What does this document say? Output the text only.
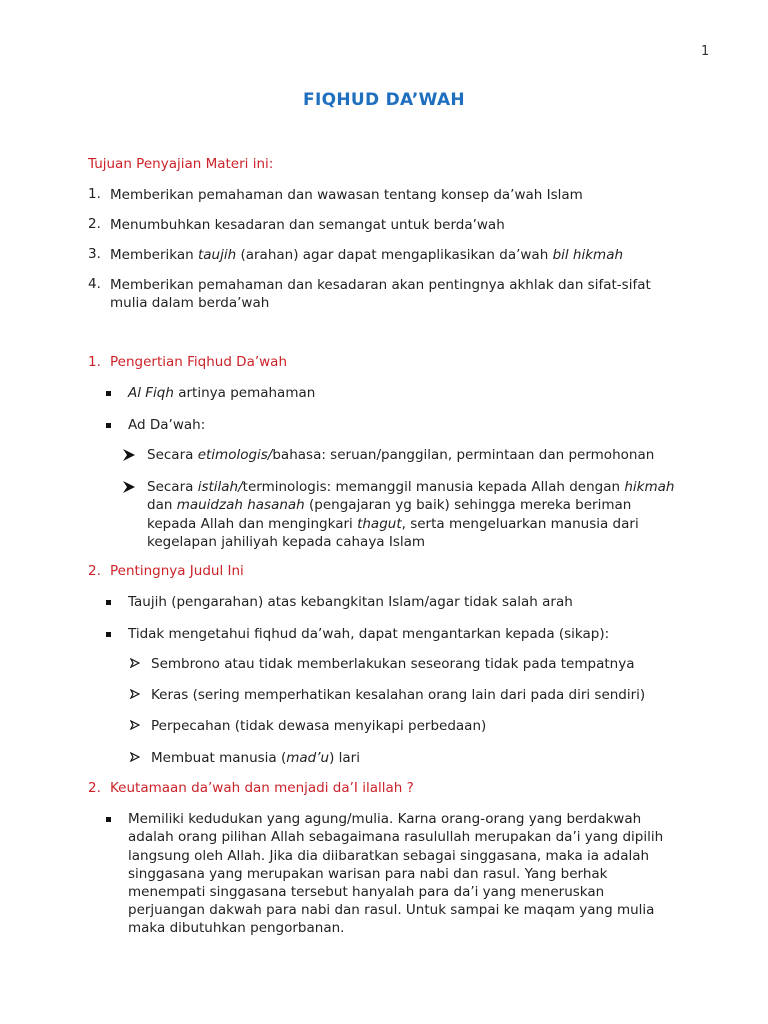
1
FIQHUD DA’WAH
Tujuan Penyajian Materi ini:
1. Memberikan pemahaman dan wawasan tentang konsep da’wah Islam
2. Menumbuhkan kesadaran dan semangat untuk berda’wah
3. Memberikan taujih (arahan) agar dapat mengaplikasikan da’wah bil hikmah
4. Memberikan pemahaman dan kesadaran akan pentingnya akhlak dan sifat-sifat
mulia dalam berda’wah
1. Pengertian Fiqhud Da’wah
Al Fiqh artinya pemahaman
Ad Da’wah:
Secara etimologis/bahasa: seruan/panggilan, permintaan dan permohonan
Secara istilah/terminologis: memanggil manusia kepada Allah dengan hikmah
dan mauidzah hasanah (pengajaran yg baik) sehingga mereka beriman
kepada Allah dan mengingkari thagut, serta mengeluarkan manusia dari
kegelapan jahiliyah kepada cahaya Islam
2. Pentingnya Judul Ini
Taujih (pengarahan) atas kebangkitan Islam/agar tidak salah arah
Tidak mengetahui fiqhud da’wah, dapat mengantarkan kepada (sikap):
Sembrono atau tidak memberlakukan seseorang tidak pada tempatnya
Keras (sering memperhatikan kesalahan orang lain dari pada diri sendiri)
Perpecahan (tidak dewasa menyikapi perbedaan)
Membuat manusia (mad’u) lari
2. Keutamaan da’wah dan menjadi da’I ilallah ?
Memiliki kedudukan yang agung/mulia. Karna orang-orang yang berdakwah
adalah orang pilihan Allah sebagaimana rasulullah merupakan da’i yang dipilih
langsung oleh Allah. Jika dia diibaratkan sebagai singgasana, maka ia adalah
singgasana yang merupakan warisan para nabi dan rasul. Yang berhak
menempati singgasana tersebut hanyalah para da’i yang meneruskan
perjuangan dakwah para nabi dan rasul. Untuk sampai ke maqam yang mulia
maka dibutuhkan pengorbanan.
